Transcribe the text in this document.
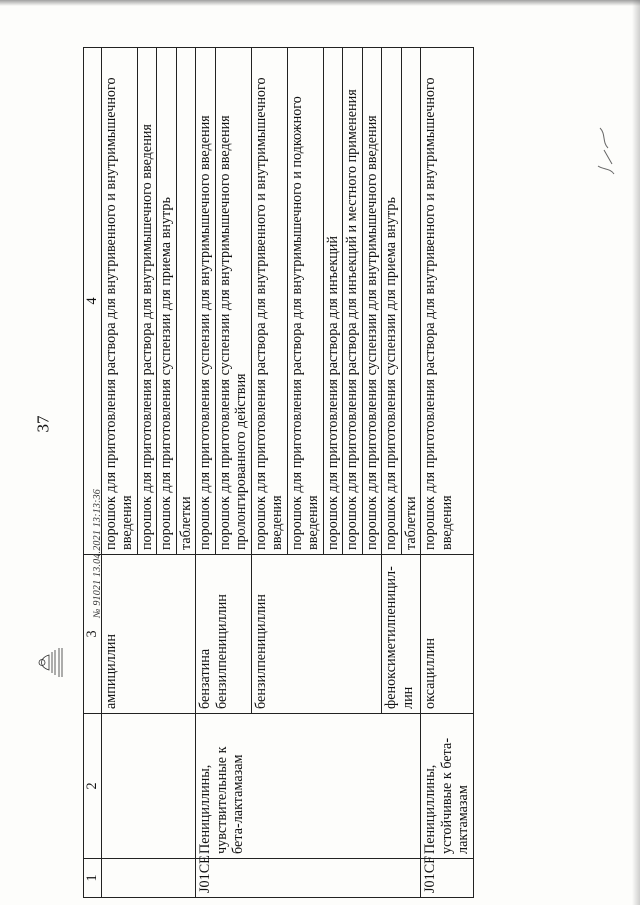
37
1	2	3	4
		ампициллин	порошок для приготовления раствора для внутривенного и внутримышечного введения
			порошок для приготовления раствора для внутримышечного введения
			порошок для приготовления суспензии для приема внутрь
			таблетки
J01CE	Пенициллины, чувствительные к бета-лактамазам	бензатина бензилпенициллин	порошок для приготовления суспензии для внутримышечного введения
			порошок для приготовления суспензии для внутримышечного введения пролонгированного действия
		бензилпенициллин	порошок для приготовления раствора для внутривенного и внутримышечного введения
			порошок для приготовления раствора для внутримышечного и подкожного введения
			порошок для приготовления раствора для инъекций
			порошок для приготовления раствора для инъекций и местного применения
			порошок для приготовления суспензии для внутримышечного введения
		феноксиметилпеницил-лин	порошок для приготовления суспензии для приема внутрь
			таблетки
J01CF	Пенициллины, устойчивые к бета-лактамазам	оксациллин	порошок для приготовления раствора для внутривенного и внутримышечного введения
№ 91021 13.04.2021 13:13:36
